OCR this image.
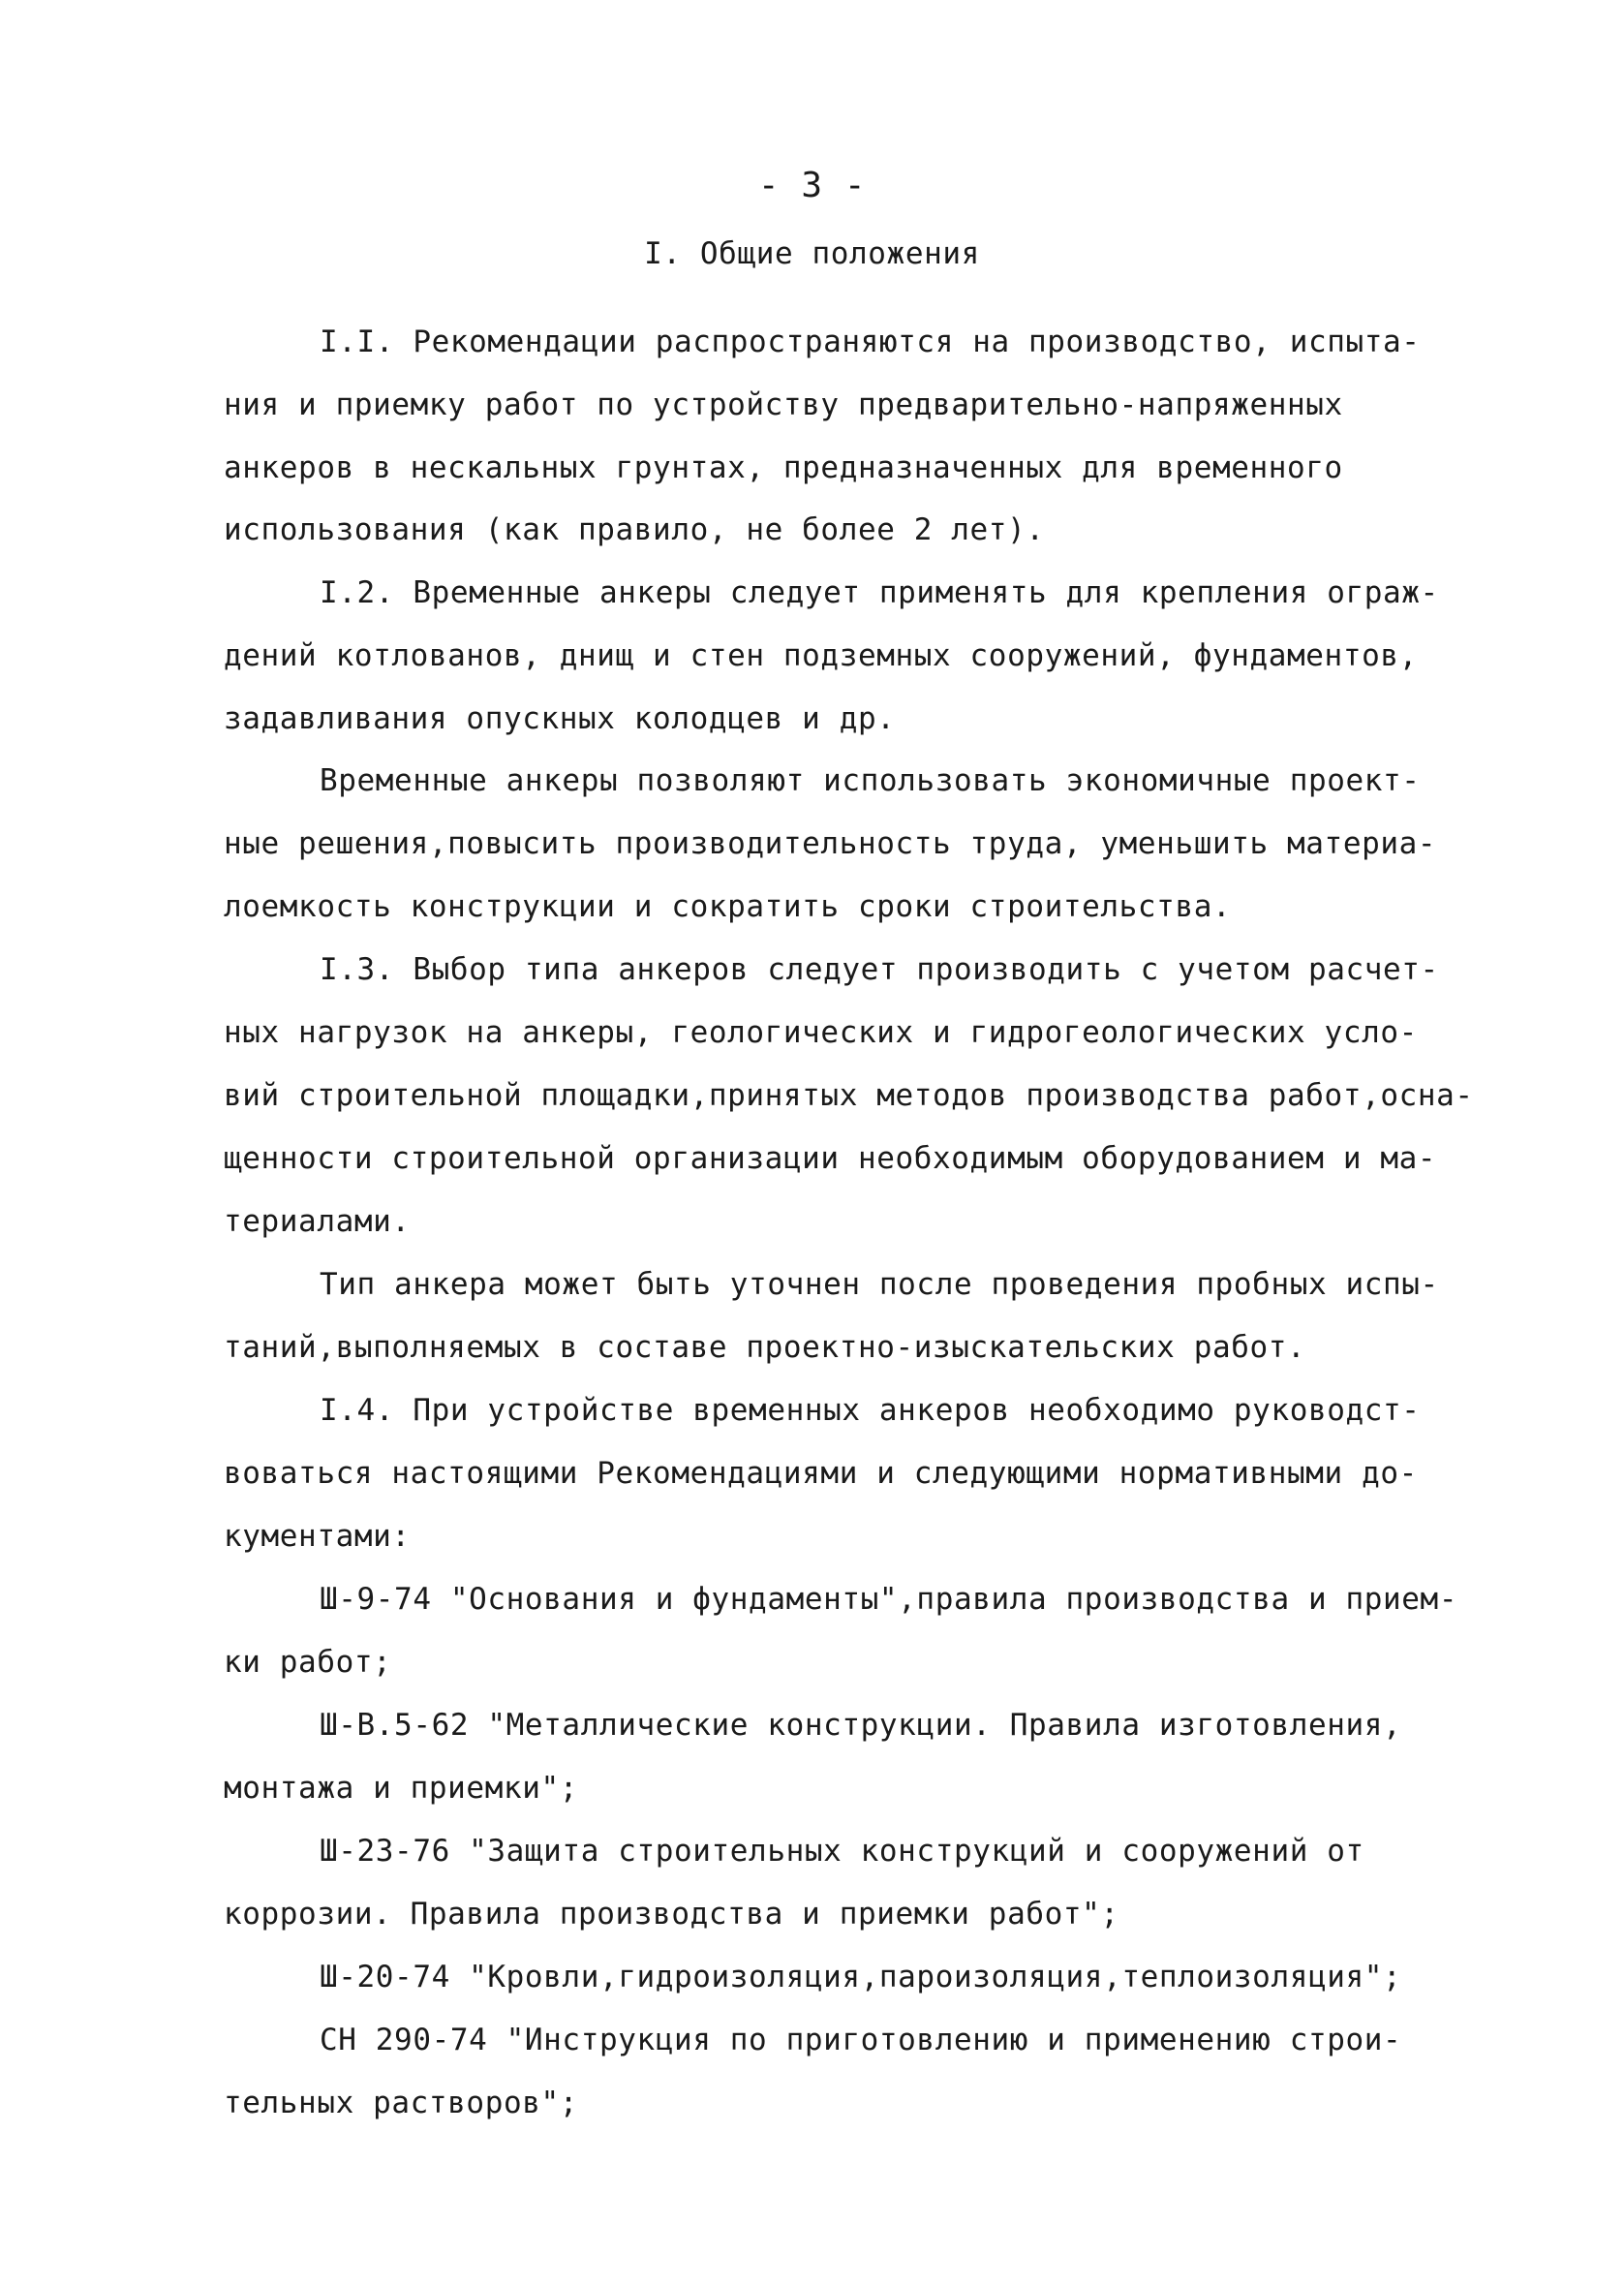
- 3 -
I. Общие положения
I.I. Рекомендации распространяются на производство, испыта-
ния и приемку работ по устройству предварительно-напряженных
анкеров в нескальных грунтах, предназначенных для временного
использования (как правило, не более 2 лет).
I.2. Временные анкеры следует применять для крепления ограж-
дений котлованов, днищ и стен подземных сооружений, фундаментов,
задавливания опускных колодцев и др.
Временные анкеры позволяют использовать экономичные проект-
ные решения,повысить производительность труда, уменьшить материа-
лоемкость конструкции и сократить сроки строительства.
I.3. Выбор типа анкеров следует производить с учетом расчет-
ных нагрузок на анкеры, геологических и гидрогеологических усло-
вий строительной площадки,принятых методов производства работ,осна-
щенности строительной организации необходимым оборудованием и ма-
териалами.
Тип анкера может быть уточнен после проведения пробных испы-
таний,выполняемых в составе проектно-изыскательских работ.
I.4. При устройстве временных анкеров необходимо руководст-
воваться настоящими Рекомендациями и следующими нормативными до-
кументами:
Ш-9-74 "Основания и фундаменты",правила производства и прием-
ки работ;
Ш-В.5-62 "Металлические конструкции. Правила изготовления,
монтажа и приемки";
Ш-23-76 "Защита строительных конструкций и сооружений от
коррозии. Правила производства и приемки работ";
Ш-20-74 "Кровли,гидроизоляция,пароизоляция,теплоизоляция";
СН 290-74 "Инструкция по приготовлению и применению строи-
тельных растворов";
